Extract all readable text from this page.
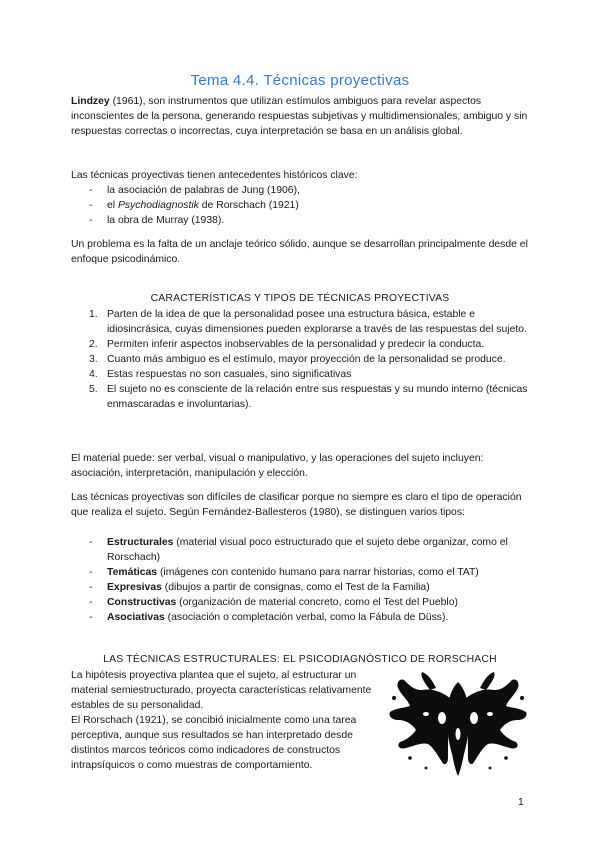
Tema 4.4. Técnicas proyectivas

Lindzey (1961), son instrumentos que utilizan estímulos ambiguos para revelar aspectos inconscientes de la persona, generando respuestas subjetivas y multidimensionales, ambiguo y sin respuestas correctas o incorrectas, cuya interpretación se basa en un análisis global.

Las técnicas proyectivas tienen antecedentes históricos clave:

- la asociación de palabras de Jung (1906),
- el Psychodiagnostik de Rorschach (1921)
- la obra de Murray (1938).

Un problema es la falta de un anclaje teórico sólido, aunque se desarrollan principalmente desde el enfoque psicodinámico.

CARACTERÍSTICAS Y TIPOS DE TÉCNICAS PROYECTIVAS
1. Parten de la idea de que la personalidad posee una estructura básica, estable e idiosincrásica, cuyas dimensiones pueden explorarse a través de las respuestas del sujeto.
2. Permiten inferir aspectos inobservables de la personalidad y predecir la conducta.
3. Cuanto más ambiguo es el estímulo, mayor proyección de la personalidad se produce.
4. Estas respuestas no son casuales, sino significativas
5. El sujeto no es consciente de la relación entre sus respuestas y su mundo interno (técnicas enmascaradas e involuntarias).

El material puede: ser verbal, visual o manipulativo, y las operaciones del sujeto incluyen: asociación, interpretación, manipulación y elección.

Las técnicas proyectivas son difíciles de clasificar porque no siempre es claro el tipo de operación que realiza el sujeto. Según Fernández-Ballesteros (1980), se distinguen varios tipos:

- Estructurales (material visual poco estructurado que el sujeto debe organizar, como el Rorschach)
- Temáticas (imágenes con contenido humano para narrar historias, como el TAT)
- Expresivas (dibujos a partir de consignas, como el Test de la Familia)
- Constructivas (organización de material concreto, como el Test del Pueblo)
- Asociativas (asociación o completación verbal, como la Fábula de Düss).
LAS TÉCNICAS ESTRUCTURALES: EL PSICODIAGNÓSTICO DE RORSCHACH

La hipótesis proyectiva plantea que el sujeto, al estructurar un material semiestructurado, proyecta características relativamente estables de su personalidad.

El Rorschach (1921), se concibió inicialmente como una tarea perceptiva, aunque sus resultados se han interpretado desde distintos marcos teóricos como indicadores de constructos intrapsíquicos o como muestras de comportamiento.

1
